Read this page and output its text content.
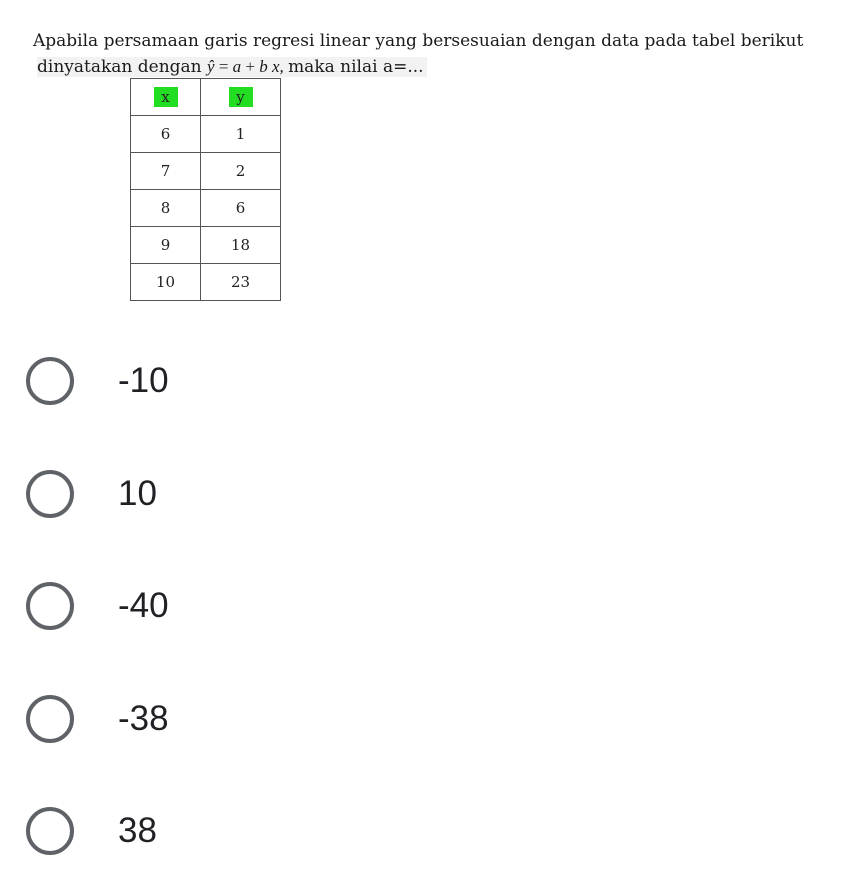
Apabila persamaan garis regresi linear yang bersesuaian dengan data pada tabel berikut
dinyatakan dengan ŷ = a + b x, maka nilai a=...
x	y
6	1
7	2
8	6
9	18
10	23
-10
10
-40
-38
38
